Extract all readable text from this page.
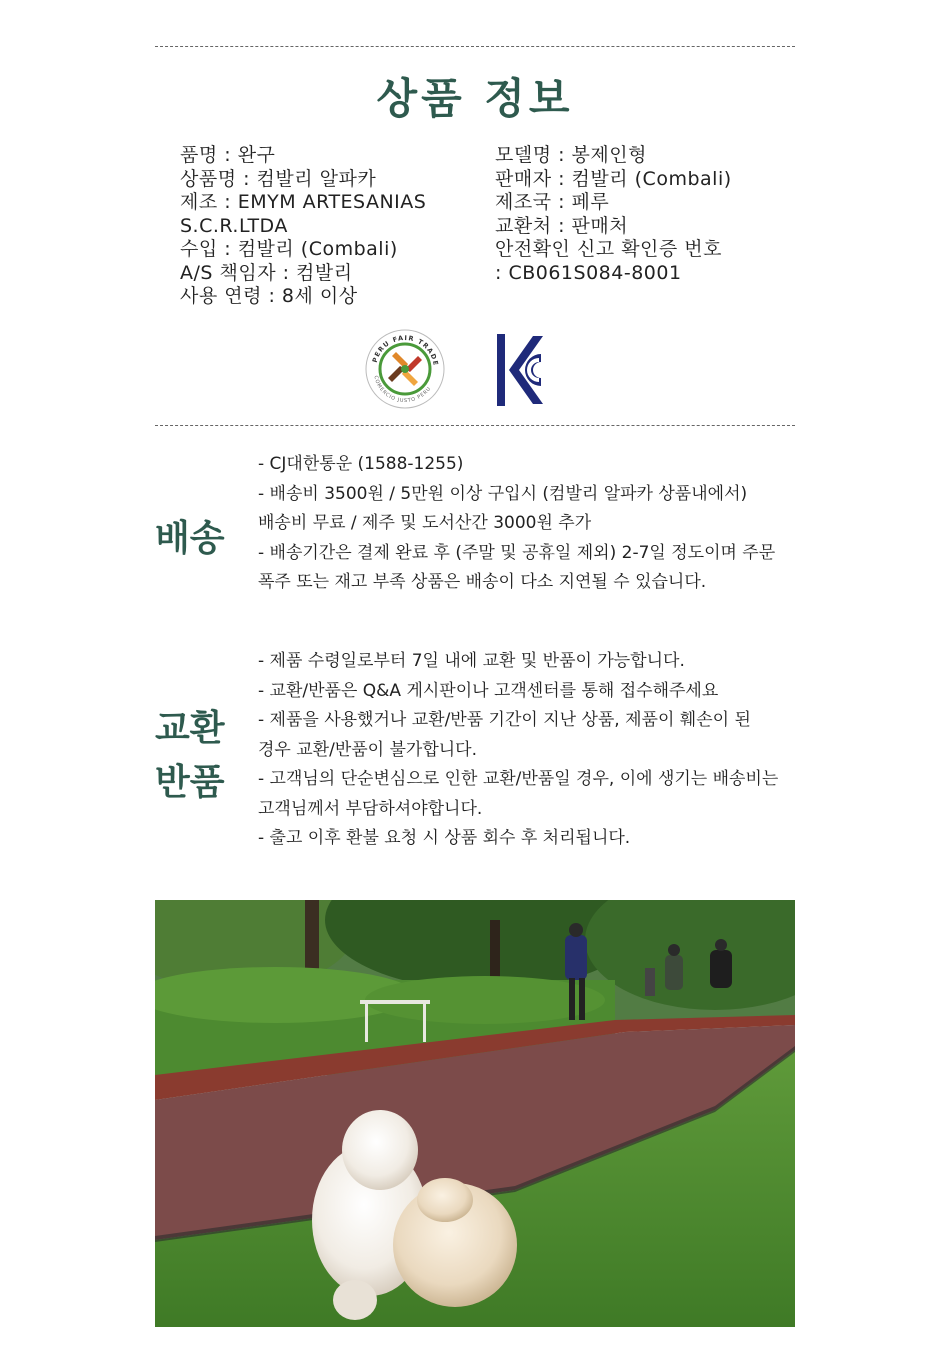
상품 정보
품명 : 완구
상품명 : 컴발리 알파카
제조 : EMYM ARTESANIAS
S.C.R.LTDA
수입 : 컴발리 (Combali)
A/S 책임자 : 컴발리
사용 연령 : 8세 이상
모델명 : 봉제인형
판매자 : 컴발리 (Combali)
제조국 : 페루
교환처 : 판매처
안전확인 신고 확인증 번호
: CB061S084-8001
PERU FAIR TRADE
COMERCIO JUSTO PERU
배송
- CJ대한통운 (1588-1255)
- 배송비 3500원 / 5만원 이상 구입시 (컴발리 알파카 상품내에서)
배송비 무료 / 제주 및 도서산간 3000원 추가
- 배송기간은 결제 완료 후 (주말 및 공휴일 제외) 2-7일 정도이며 주문
폭주 또는 재고 부족 상품은 배송이 다소 지연될 수 있습니다.
교환
반품
- 제품 수령일로부터 7일 내에 교환 및 반품이 가능합니다.
- 교환/반품은 Q&A 게시판이나 고객센터를 통해 접수해주세요
- 제품을 사용했거나 교환/반품 기간이 지난 상품, 제품이 훼손이 된
경우 교환/반품이 불가합니다.
- 고객님의 단순변심으로 인한 교환/반품일 경우, 이에 생기는 배송비는
고객님께서 부담하셔야합니다.
- 출고 이후 환불 요청 시 상품 회수 후 처리됩니다.
